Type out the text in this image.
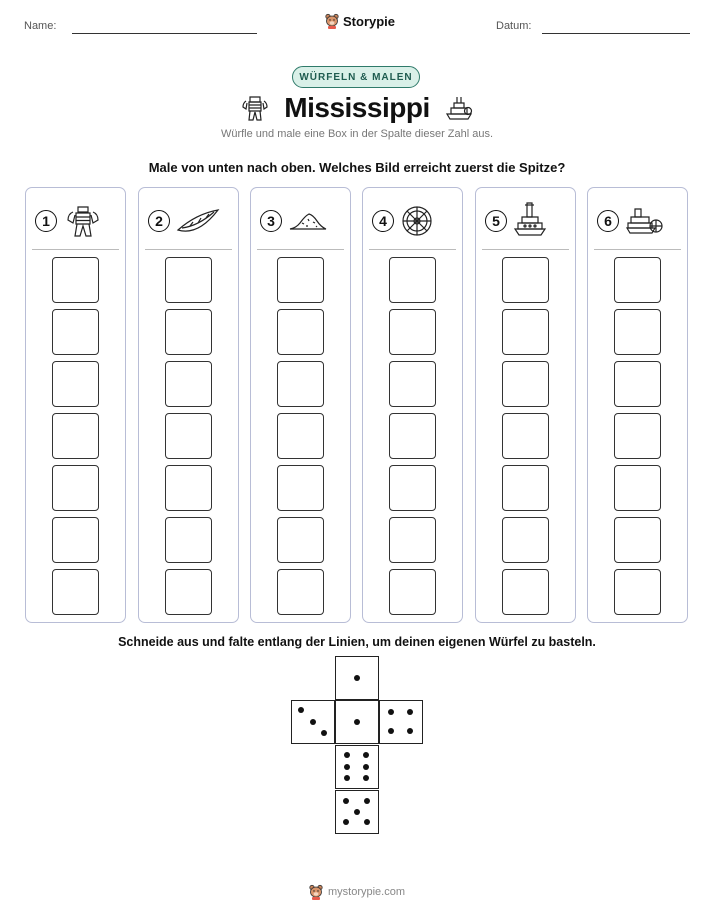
Name:	Storypie	Datum:
WÜRFELN & MALEN
Mississippi
Würfle und male eine Box in der Spalte dieser Zahl aus.
Male von unten nach oben. Welches Bild erreicht zuerst die Spitze?
1	2	3	4	5	6
Schneide aus und falte entlang der Linien, um deinen eigenen Würfel zu basteln.
mystorypie.com
